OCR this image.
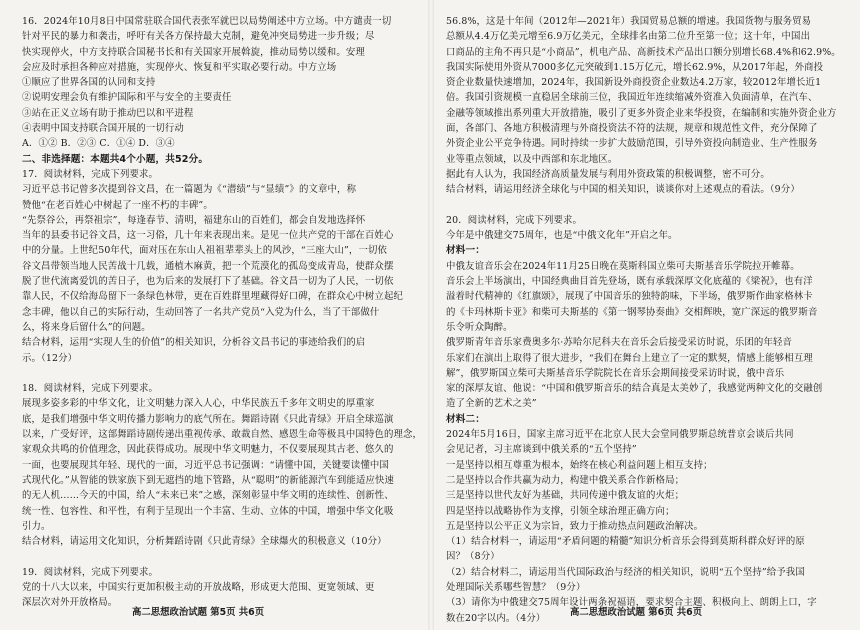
16．2024年10月8日中国常驻联合国代表张军就巴以局势阐述中方立场。中方谴责一切
针对平民的暴力和袭击，呼吁有关各方保持最大克制，避免冲突局势进一步升级；尽
快实现停火，中方支持联合国秘书长和有关国家开展斡旋，推动局势以缓和。安理
会应及时承担各种应对措施，实现停火、恢复和平实取必要行动。中方立场
①顺应了世界各国的认同和支持
②说明安理会负有维护国际和平与安全的主要责任
③站在正义立场有助于推动巴以和平进程
④表明中国支持联合国开展的一切行动
A．①② B．②③ C．①④ D．③④
二、非选择题：本题共4个小题，共52分。
17．阅读材料，完成下列要求。
习近平总书记曾多次提到谷文昌，在一篇题为《“潜绩”与“显绩”》的文章中，称
赞他“在老百姓心中树起了一座不朽的丰碑”。
“先祭谷公，再祭祖宗”，每逢春节、清明，福建东山的百姓们，都会自发地选择怀
当年的县委书记谷文昌，这一习俗，几十年来表现出来。是见一位共产党的干部在百姓心
中的分量。上世纪50年代，面对压在东山人祖祖辈辈头上的风沙，“三座大山”，一切依
谷文昌带领当地人民苦战十几载，通植木麻黄，把一个荒漠化的孤岛变成青岛，使群众摆
脱了世代流离爱饥的苦日子，也为后来的发展打下了基础。谷文昌一切为了人民，一切依
靠人民，不仅给海岛留下一条绿色林带，更在百姓群里埋藏得好口碑，在群众心中树立起纪
念丰碑，他以自己的实际行动，生动回答了一名共产党员“入党为什么，当了干部做什
么，将来身后留什么”的问题。
结合材料，运用“实现人生的价值”的相关知识，分析谷文昌书记的事迹给我们的启
示。（12分）

18．阅读材料，完成下列要求。
展现多姿多彩的中华文化，让文明魅力深入人心，中华民族五千多年文明史的厚重家
底，是我们增强中华文明传播力影响力的底气所在。舞蹈诗剧《只此青绿》开启全球巡演
以来，广受好评，这部舞蹈诗剧传递出重视传承、敢裁自然、感恩生命等极具中国特色的理念，
家观众共鸣的价值理念，因此获得成功。展现中华文明魅力，不仅要展现其古老、悠久的
一面，也要展现其年轻、现代的一面，习近平总书记强调：“请懂中国，关键要读懂中国
式现代化。”从智能的铁家族下到无遮挡的地下管路，从“聪明”的新能源汽车到能适应快速
的无人机……今天的中国，给人“未来已来”之感，深刻彰显中华文明的连续性、创新性、
统一性、包容性、和平性，有利于呈现出一个丰富、生动、立体的中国，增强中华文化吸
引力。
结合材料，请运用文化知识，分析舞蹈诗剧《只此青绿》全球爆火的积极意义（10分）

19．阅读材料，完成下列要求。
党的十八大以来，中国实行更加积极主动的开放战略，形成更大范围、更宽领域、更
深层次对外开放格局。
56.8%，这是十年间（2012年—2021年）我国贸易总额的增速。我国货物与服务贸易
总额从4.4万亿美元增至6.9万亿美元，全球排名由第二位升至第一位；这十年，中国出
口商品的主角不再只是“小商品”，机电产品、高新技术产品出口额分别增长68.4%和62.9%。
我国实际使用外资从7000多亿元突破到1.15万亿元，增长62.9%，从2017年起，外商投
资企业数量快速增加，2024年，我国新设外商投资企业数达4.2万家，较2012年增长近1
倍。我国引资规模一直稳居全球前三位，我国近年连续缩减外资准入负面清单，在汽车、
金融等领域推出系列重大开放措施，吸引了更多外资企业来华投资，在编制和实施外资企业方
面，各部门、各地方积极清理与外商投资法不符的法规，规章和规范性文件，充分保障了
外资企业公平竞争待遇。同时持续一步扩大鼓励范围，引导外资投向制造业、生产性服务
业等重点领域，以及中西部和东北地区。
据此有人认为，我国经济高质量发展与利用外资政策的积极调整，密不可分。
结合材料，请运用经济全球化与中国的相关知识，谈谈你对上述观点的看法。（9分）

20．阅读材料，完成下列要求。
今年是中俄建交75周年，也是“中俄文化年”开启之年。
材料一：
中俄友谊音乐会在2024年11月25日晚在莫斯科国立柴可夫斯基音乐学院拉开帷幕。
音乐会上半场演出，中国经典曲目首先登场，既有承载深厚文化底蕴的《梁祝》，也有洋
溢着时代精神的《红旗颂》，展现了中国音乐的独特韵味，下半场，俄罗斯作曲家格林卡
的《卡玛林斯卡亚》和柴可夫斯基的《第一钢琴协奏曲》交相辉映，宽广深远的俄罗斯音
乐令听众陶醉。
俄罗斯青年音乐家费奥多尔·苏哈尔尼科夫在音乐会后接受采访时说，乐团的年轻音
乐家们在演出上取得了很大进步，“我们在舞台上建立了一定的默契，情感上能够相互理
解”，俄罗斯国立柴可夫斯基音乐学院院长在音乐会期间接受采访时说，俄中音乐
家的深厚友谊、他说：“中国和俄罗斯音乐的结合真是太美妙了，我感觉两种文化的交融创
造了全新的艺术之美”
材料二：
2024年5月16日，国家主席习近平在北京人民大会堂同俄罗斯总统普京会谈后共同
会见记者，习主席谈到中俄关系的“五个坚持”
一是坚持以相互尊重为根本，始终在核心利益问题上相互支持；
二是坚持以合作共赢为动力，构建中俄关系合作新格局；
三是坚持以世代友好为基础，共同传递中俄友谊的火炬；
四是坚持以战略协作为支撑，引领全球治理正确方向；
五是坚持以公平正义为宗旨，致力于推动热点问题政治解决。
（1）结合材料一，请运用“矛盾问题的精髓”知识分析音乐会得到莫斯科群众好评的原
因？（8分）
（2）结合材料二，请运用当代国际政治与经济的相关知识，说明“五个坚持”给予我国
处理国际关系哪些智慧？（9分）
（3）请你为中俄建交75周年设计两条祝福语，要求契合主题、积极向上、朗朗上口，字
数在20字以内。（4分）
高二思想政治试题 第5页 共6页	高二思想政治试题 第6页 共6页
